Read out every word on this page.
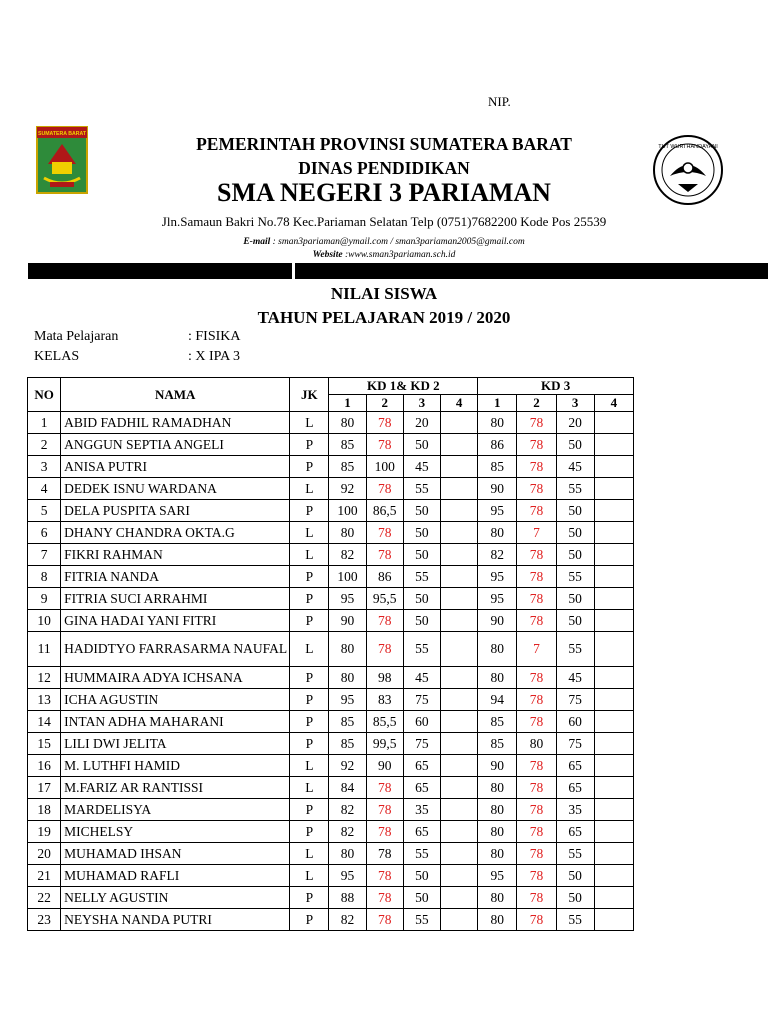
NIP.
SUMATERA BARAT
TUT WURI HANDAYANI
PEMERINTAH PROVINSI SUMATERA BARAT
DINAS PENDIDIKAN
SMA NEGERI 3 PARIAMAN
Jln.Samaun Bakri No.78 Kec.Pariaman Selatan Telp (0751)7682200 Kode Pos 25539
E-mail : sman3pariaman@ymail.com / sman3pariaman2005@gmail.com
Website :www.sman3pariaman.sch.id
NILAI SISWA
TAHUN PELAJARAN 2019 / 2020
Mata Pelajaran	: FISIKA
KELAS	: X IPA 3
NO	NAMA	JK	KD 1& KD 2				KD 3			
			1	2	3	4	1	2	3	4
1	ABID FADHIL RAMADHAN	L	80	78	20		80	78	20	
2	ANGGUN SEPTIA ANGELI	P	85	78	50		86	78	50	
3	ANISA PUTRI	P	85	100	45		85	78	45	
4	DEDEK ISNU WARDANA	L	92	78	55		90	78	55	
5	DELA PUSPITA SARI	P	100	86,5	50		95	78	50	
6	DHANY CHANDRA OKTA.G	L	80	78	50		80	7	50	
7	FIKRI RAHMAN	L	82	78	50		82	78	50	
8	FITRIA NANDA	P	100	86	55		95	78	55	
9	FITRIA SUCI ARRAHMI	P	95	95,5	50		95	78	50	
10	GINA HADAI YANI FITRI	P	90	78	50		90	78	50	
11	HADIDTYO FARRASARMA NAUFAL	L	80	78	55		80	7	55	
12	HUMMAIRA ADYA ICHSANA	P	80	98	45		80	78	45	
13	ICHA AGUSTIN	P	95	83	75		94	78	75	
14	INTAN ADHA MAHARANI	P	85	85,5	60		85	78	60	
15	LILI DWI JELITA	P	85	99,5	75		85	80	75	
16	M. LUTHFI HAMID	L	92	90	65		90	78	65	
17	M.FARIZ AR RANTISSI	L	84	78	65		80	78	65	
18	MARDELISYA	P	82	78	35		80	78	35	
19	MICHELSY	P	82	78	65		80	78	65	
20	MUHAMAD IHSAN	L	80	78	55		80	78	55	
21	MUHAMAD RAFLI	L	95	78	50		95	78	50	
22	NELLY AGUSTIN	P	88	78	50		80	78	50	
23	NEYSHA NANDA PUTRI	P	82	78	55		80	78	55	
